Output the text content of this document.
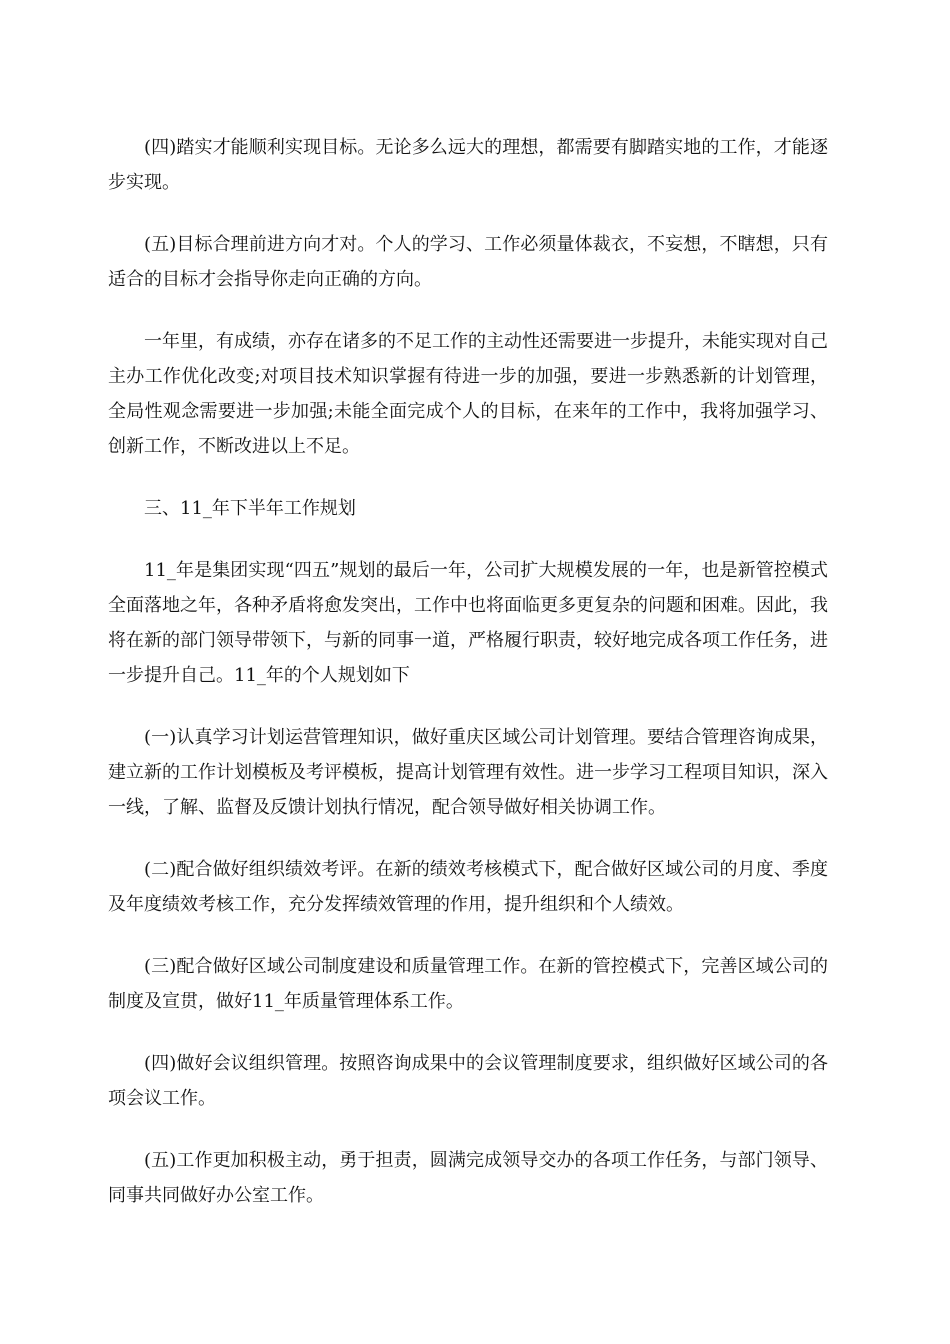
(四)踏实才能顺利实现目标。无论多么远大的理想，都需要有脚踏实地的工作，才能逐步实现。

(五)目标合理前进方向才对。个人的学习、工作必须量体裁衣，不妄想，不瞎想，只有适合的目标才会指导你走向正确的方向。

一年里，有成绩，亦存在诸多的不足工作的主动性还需要进一步提升，未能实现对自己主办工作优化改变;对项目技术知识掌握有待进一步的加强，要进一步熟悉新的计划管理，全局性观念需要进一步加强;未能全面完成个人的目标，在来年的工作中，我将加强学习、创新工作，不断改进以上不足。

三、11_年下半年工作规划

11_年是集团实现“四五”规划的最后一年，公司扩大规模发展的一年，也是新管控模式全面落地之年，各种矛盾将愈发突出，工作中也将面临更多更复杂的问题和困难。因此，我将在新的部门领导带领下，与新的同事一道，严格履行职责，较好地完成各项工作任务，进一步提升自己。11_年的个人规划如下

(一)认真学习计划运营管理知识，做好重庆区域公司计划管理。要结合管理咨询成果，建立新的工作计划模板及考评模板，提高计划管理有效性。进一步学习工程项目知识，深入一线，了解、监督及反馈计划执行情况，配合领导做好相关协调工作。

(二)配合做好组织绩效考评。在新的绩效考核模式下，配合做好区域公司的月度、季度及年度绩效考核工作，充分发挥绩效管理的作用，提升组织和个人绩效。

(三)配合做好区域公司制度建设和质量管理工作。在新的管控模式下，完善区域公司的制度及宣贯，做好11_年质量管理体系工作。

(四)做好会议组织管理。按照咨询成果中的会议管理制度要求，组织做好区域公司的各项会议工作。

(五)工作更加积极主动，勇于担责，圆满完成领导交办的各项工作任务，与部门领导、同事共同做好办公室工作。
